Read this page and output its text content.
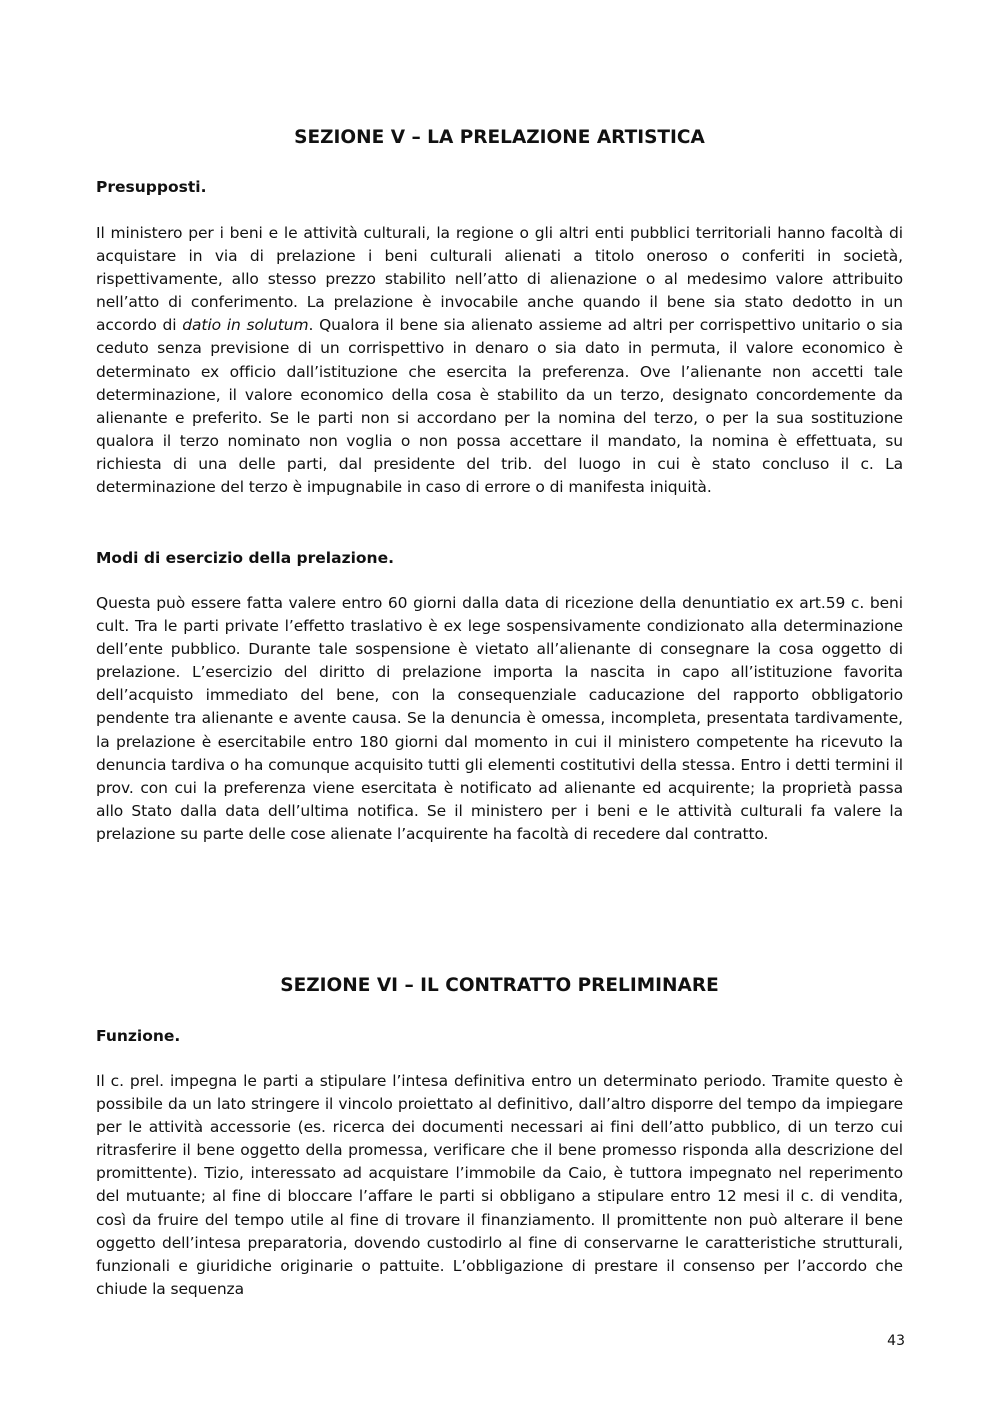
SEZIONE V – LA PRELAZIONE ARTISTICA
Presupposti.

Il ministero per i beni e le attività culturali, la regione o gli altri enti pubblici territoriali hanno facoltà di acquistare in via di prelazione i beni culturali alienati a titolo oneroso o conferiti in società, rispettivamente, allo stesso prezzo stabilito nell’atto di alienazione o al medesimo valore attribuito nell’atto di conferimento. La prelazione è invocabile anche quando il bene sia stato dedotto in un accordo di datio in solutum. Qualora il bene sia alienato assieme ad altri per corrispettivo unitario o sia ceduto senza previsione di un corrispettivo in denaro o sia dato in permuta, il valore economico è determinato ex officio dall’istituzione che esercita la preferenza. Ove l’alienante non accetti tale determinazione, il valore economico della cosa è stabilito da un terzo, designato concordemente da alienante e preferito. Se le parti non si accordano per la nomina del terzo, o per la sua sostituzione qualora il terzo nominato non voglia o non possa accettare il mandato, la nomina è effettuata, su richiesta di una delle parti, dal presidente del trib. del luogo in cui è stato concluso il c. La determinazione del terzo è impugnabile in caso di errore o di manifesta iniquità.

Modi di esercizio della prelazione.

Questa può essere fatta valere entro 60 giorni dalla data di ricezione della denuntiatio ex art.59 c. beni cult. Tra le parti private l’effetto traslativo è ex lege sospensivamente condizionato alla determinazione dell’ente pubblico. Durante tale sospensione è vietato all’alienante di consegnare la cosa oggetto di prelazione. L’esercizio del diritto di prelazione importa la nascita in capo all’istituzione favorita dell’acquisto immediato del bene, con la consequenziale caducazione del rapporto obbligatorio pendente tra alienante e avente causa. Se la denuncia è omessa, incompleta, presentata tardivamente, la prelazione è esercitabile entro 180 giorni dal momento in cui il ministero competente ha ricevuto la denuncia tardiva o ha comunque acquisito tutti gli elementi costitutivi della stessa. Entro i detti termini il prov. con cui la preferenza viene esercitata è notificato ad alienante ed acquirente; la proprietà passa allo Stato dalla data dell’ultima notifica. Se il ministero per i beni e le attività culturali fa valere la prelazione su parte delle cose alienate l’acquirente ha facoltà di recedere dal contratto.

SEZIONE VI – IL CONTRATTO PRELIMINARE
Funzione.

Il c. prel. impegna le parti a stipulare l’intesa definitiva entro un determinato periodo. Tramite questo è possibile da un lato stringere il vincolo proiettato al definitivo, dall’altro disporre del tempo da impiegare per le attività accessorie (es. ricerca dei documenti necessari ai fini dell’atto pubblico, di un terzo cui ritrasferire il bene oggetto della promessa, verificare che il bene promesso risponda alla descrizione del promittente). Tizio, interessato ad acquistare l’immobile da Caio, è tuttora impegnato nel reperimento del mutuante; al fine di bloccare l’affare le parti si obbligano a stipulare entro 12 mesi il c. di vendita, così da fruire del tempo utile al fine di trovare il finanziamento. Il promittente non può alterare il bene oggetto dell’intesa preparatoria, dovendo custodirlo al fine di conservarne le caratteristiche strutturali, funzionali e giuridiche originarie o pattuite. L’obbligazione di prestare il consenso per l’accordo che chiude la sequenza

43
